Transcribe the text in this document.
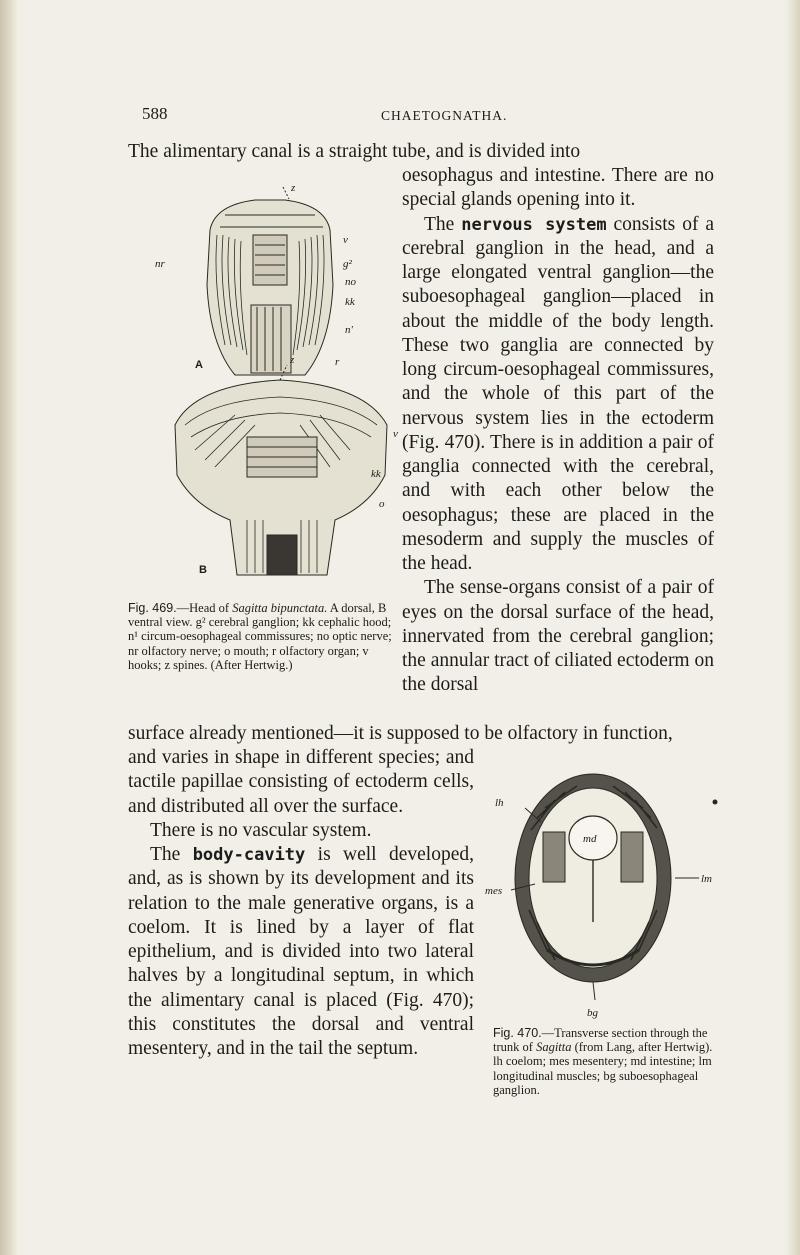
588	CHAETOGNATHA.
The alimentary canal is a straight tube, and is divided into

oesophagus and intestine. There are no special glands opening into it.

The nervous system consists of a cerebral ganglion in the head, and a large elongated ventral ganglion—the suboesophageal ganglion—placed in about the middle of the body length. These two ganglia are connected by long circum-oesophageal commissures, and the whole of this part of the nervous system lies in the ectoderm (Fig. 470). There is in addition a pair of ganglia connected with the cerebral, and with each other below the oesophagus; these are placed in the mesoderm and supply the muscles of the head.

The sense-organs consist of a pair of eyes on the dorsal surface of the head, innervated from the cerebral ganglion; the annular tract of ciliated ectoderm on the dorsal

surface already mentioned—it is supposed to be olfactory in function,

and varies in shape in different species; and tactile papillae consisting of ectoderm cells, and distributed all over the surface.

There is no vascular system.

The body-cavity is well developed, and, as is shown by its development and its relation to the male generative organs, is a coelom. It is lined by a layer of flat epithelium, and is divided into two lateral halves by a longitudinal septum, in which the alimentary canal is placed (Fig. 470); this constitutes the dorsal and ventral mesentery, and in the tail the septum.

A
B
z
v
g²
no
kk
n'
r
nr
z
v
kk
o
Fig. 469.—Head of Sagitta bipunctata. A dorsal, B ventral view. g² cerebral ganglion; kk cephalic hood; n¹ circum-oesophageal commissures; no optic nerve; nr olfactory nerve; o mouth; r olfactory organ; v hooks; z spines. (After Hertwig.)
lh
md
mes
lm
bg
Fig. 470.—Transverse section through the trunk of Sagitta (from Lang, after Hertwig). lh coelom; mes mesentery; md intestine; lm longitudinal muscles; bg suboesophageal ganglion.
